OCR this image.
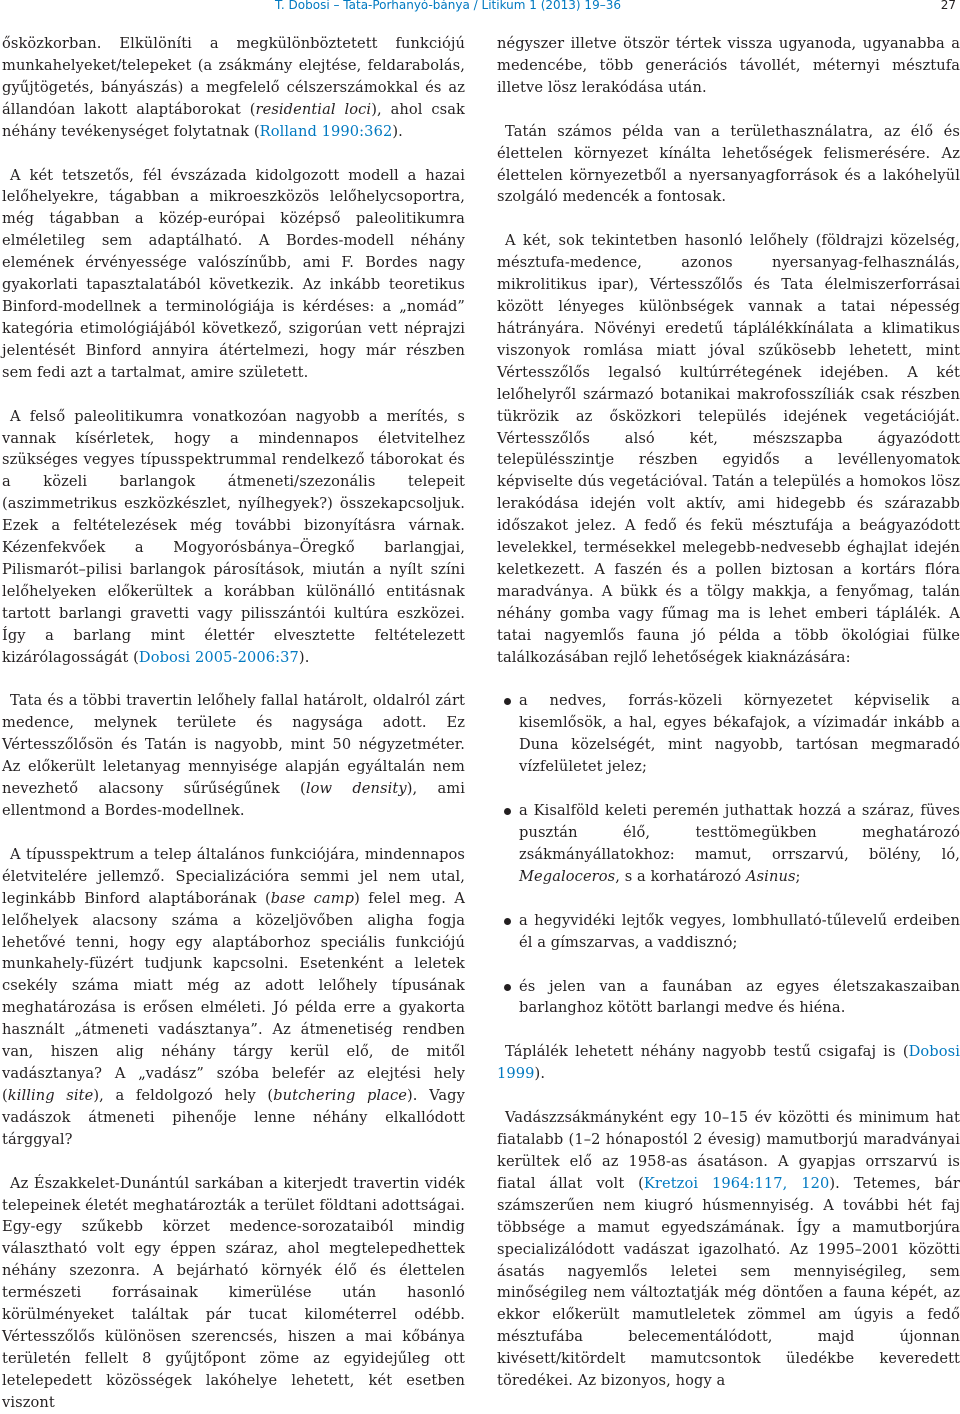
T. Dobosi – Tata-Porhanyó-bánya / Litikum 1 (2013) 19–36	27

ősközkorban. Elkülöníti a megkülönböztetett funkciójú munkahelyeket/telepeket (a zsákmány elejtése, feldarabolás, gyűjtögetés, bányászás) a megfelelő célszerszámokkal és az állandóan lakott alaptáborokat (residential loci), ahol csak néhány tevékenységet folytatnak (Rolland 1990:362).

A két tetszetős, fél évszázada kidolgozott modell a hazai lelőhelyekre, tágabban a mikroeszközös lelőhelycsoportra, még tágabban a közép-európai középső paleolitikumra elméletileg sem adaptálható. A Bordes-modell néhány elemének érvényessége valószínűbb, ami F. Bordes nagy gyakorlati tapasztalatából következik. Az inkább teoretikus Binford-modellnek a terminológiája is kérdéses: a „nomád” kategória etimológiájából következő, szigorúan vett néprajzi jelentését Binford annyira átértelmezi, hogy már részben sem fedi azt a tartalmat, amire született.

A felső paleolitikumra vonatkozóan nagyobb a merítés, s vannak kísérletek, hogy a mindennapos életvitelhez szükséges vegyes típusspektrummal rendelkező táborokat és a közeli barlangok átmeneti/szezonális telepeit (aszimmetrikus eszközkészlet, nyílhegyek?) összekapcsoljuk. Ezek a feltételezések még további bizonyításra várnak. Kézenfekvőek a Mogyorósbánya–Öregkő barlangjai, Pilismarót–pilisi barlangok párosítások, miután a nyílt színi lelőhelyeken előkerültek a korábban különálló entitásnak tartott barlangi gravetti vagy pilisszántói kultúra eszközei. Így a barlang mint élettér elvesztette feltételezett kizárólagosságát (Dobosi 2005-2006:37).

Tata és a többi travertin lelőhely fallal határolt, oldalról zárt medence, melynek területe és nagysága adott. Ez Vértesszőlősön és Tatán is nagyobb, mint 50 négyzetméter. Az előkerült leletanyag mennyisége alapján egyáltalán nem nevezhető alacsony sűrűségűnek (low density), ami ellentmond a Bordes-modellnek.

A típusspektrum a telep általános funkciójára, mindennapos életvitelére jellemző. Specializációra semmi jel nem utal, leginkább Binford alaptáborának (base camp) felel meg. A lelőhelyek alacsony száma a közeljövőben aligha fogja lehetővé tenni, hogy egy alaptáborhoz speciális funkciójú munkahely-füzért tudjunk kapcsolni. Esetenként a leletek csekély száma miatt még az adott lelőhely típusának meghatározása is erősen elméleti. Jó példa erre a gyakorta használt „átmeneti vadásztanya”. Az átmenetiség rendben van, hiszen alig néhány tárgy kerül elő, de mitől vadásztanya? A „vadász” szóba belefér az elejtési hely (killing site), a feldolgozó hely (butchering place). Vagy vadászok átmeneti pihenője lenne néhány elkallódott tárggyal?

Az Északkelet-Dunántúl sarkában a kiterjedt travertin vidék telepeinek életét meghatározták a terület földtani adottságai. Egy-egy szűkebb körzet medence-sorozataiból mindig választható volt egy éppen száraz, ahol megtelepedhettek néhány szezonra. A bejárható környék élő és élettelen természeti forrásainak kimerülése után hasonló körülményeket találtak pár tucat kilométerrel odébb. Vértesszőlős különösen szerencsés, hiszen a mai kőbánya területén fellelt 8 gyűjtőpont zöme az egyidejűleg ott letelepedett közösségek lakóhelye lehetett, két esetben viszont

négyszer illetve ötször tértek vissza ugyanoda, ugyanabba a medencébe, több generációs távollét, méternyi mésztufa illetve lösz lerakódása után.

Tatán számos példa van a területhasználatra, az élő és élettelen környezet kínálta lehetőségek felismerésére. Az élettelen környezetből a nyersanyagforrások és a lakóhelyül szolgáló medencék a fontosak.

A két, sok tekintetben hasonló lelőhely (földrajzi közelség, mésztufa-medence, azonos nyersanyag-felhasználás, mikrolitikus ipar), Vértesszőlős és Tata élelmiszerforrásai között lényeges különbségek vannak a tatai népesség hátrányára. Növényi eredetű táplálékkínálata a klimatikus viszonyok romlása miatt jóval szűkösebb lehetett, mint Vértesszőlős legalsó kultúrrétegének idejében. A két lelőhelyről származó botanikai makrofosszíliák csak részben tükrözik az ősközkori település idejének vegetációját. Vértesszőlős alsó két, mészszapba ágyazódott településszintje részben egyidős a levéllenyomatok képviselte dús vegetációval. Tatán a település a homokos lösz lerakódása idején volt aktív, ami hidegebb és szárazabb időszakot jelez. A fedő és fekü mésztufája a beágyazódott levelekkel, termésekkel melegebb-nedvesebb éghajlat idején keletkezett. A faszén és a pollen biztosan a kortárs flóra maradványa. A bükk és a tölgy makkja, a fenyőmag, talán néhány gomba vagy fűmag ma is lehet emberi táplálék. A tatai nagyemlős fauna jó példa a több ökológiai fülke találkozásában rejlő lehetőségek kiaknázására:

a nedves, forrás-közeli környezetet képviselik a kisemlősök, a hal, egyes békafajok, a vízimadár inkább a Duna közelségét, mint nagyobb, tartósan megmaradó vízfelületet jelez;
a Kisalföld keleti peremén juthattak hozzá a száraz, füves pusztán élő, testtömegükben meghatározó zsákmányállatokhoz: mamut, orrszarvú, bölény, ló, Megaloceros, s a korhatározó Asinus;
a hegyvidéki lejtők vegyes, lombhullató-tűlevelű erdeiben él a gímszarvas, a vaddisznó;
és jelen van a faunában az egyes életszakaszaiban barlanghoz kötött barlangi medve és hiéna.

Táplálék lehetett néhány nagyobb testű csigafaj is (Dobosi 1999).

Vadászzsákmányként egy 10–15 év közötti és minimum hat fiatalabb (1–2 hónapostól 2 évesig) mamutborjú maradványai kerültek elő az 1958-as ásatáson. A gyapjas orrszarvú is fiatal állat volt (Kretzoi 1964:117, 120). Tetemes, bár számszerűen nem kiugró húsmennyiség. A további hét faj többsége a mamut egyedszámának. Így a mamutborjúra specializálódott vadászat igazolható. Az 1995–2001 közötti ásatás nagyemlős leletei sem mennyiségileg, sem minőségileg nem változtatják még döntően a fauna képét, az ekkor előkerült mamutleletek zömmel am úgyis a fedő mésztufába belecementálódott, majd újonnan kivésett/kitördelt mamutcsontok üledékbe keveredett töredékei. Az bizonyos, hogy a
